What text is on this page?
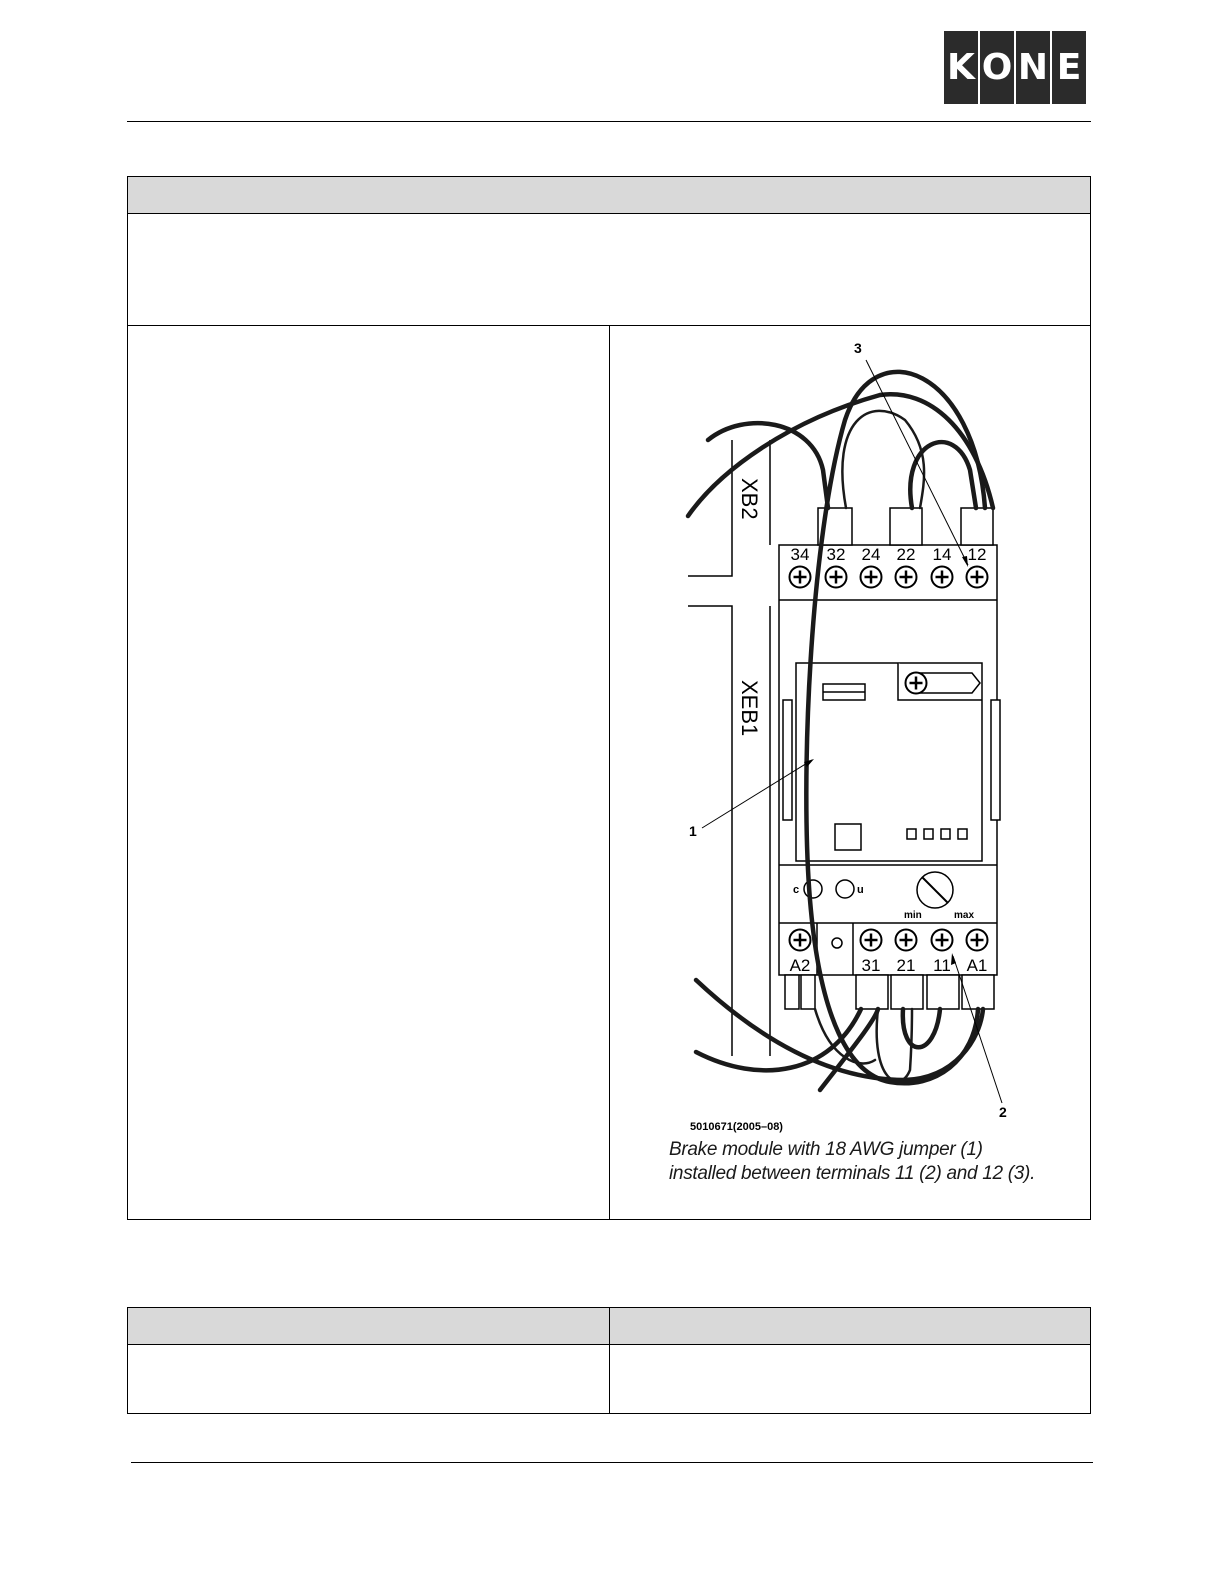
K O N E
XB2
XEB1
c	u
min	max
34 32 24 22 14 12
A2	31 21 11 A1
3
1
2
5010671(2005–08)
Brake module with 18 AWG jumper (1) installed between terminals 11 (2) and 12 (3).
